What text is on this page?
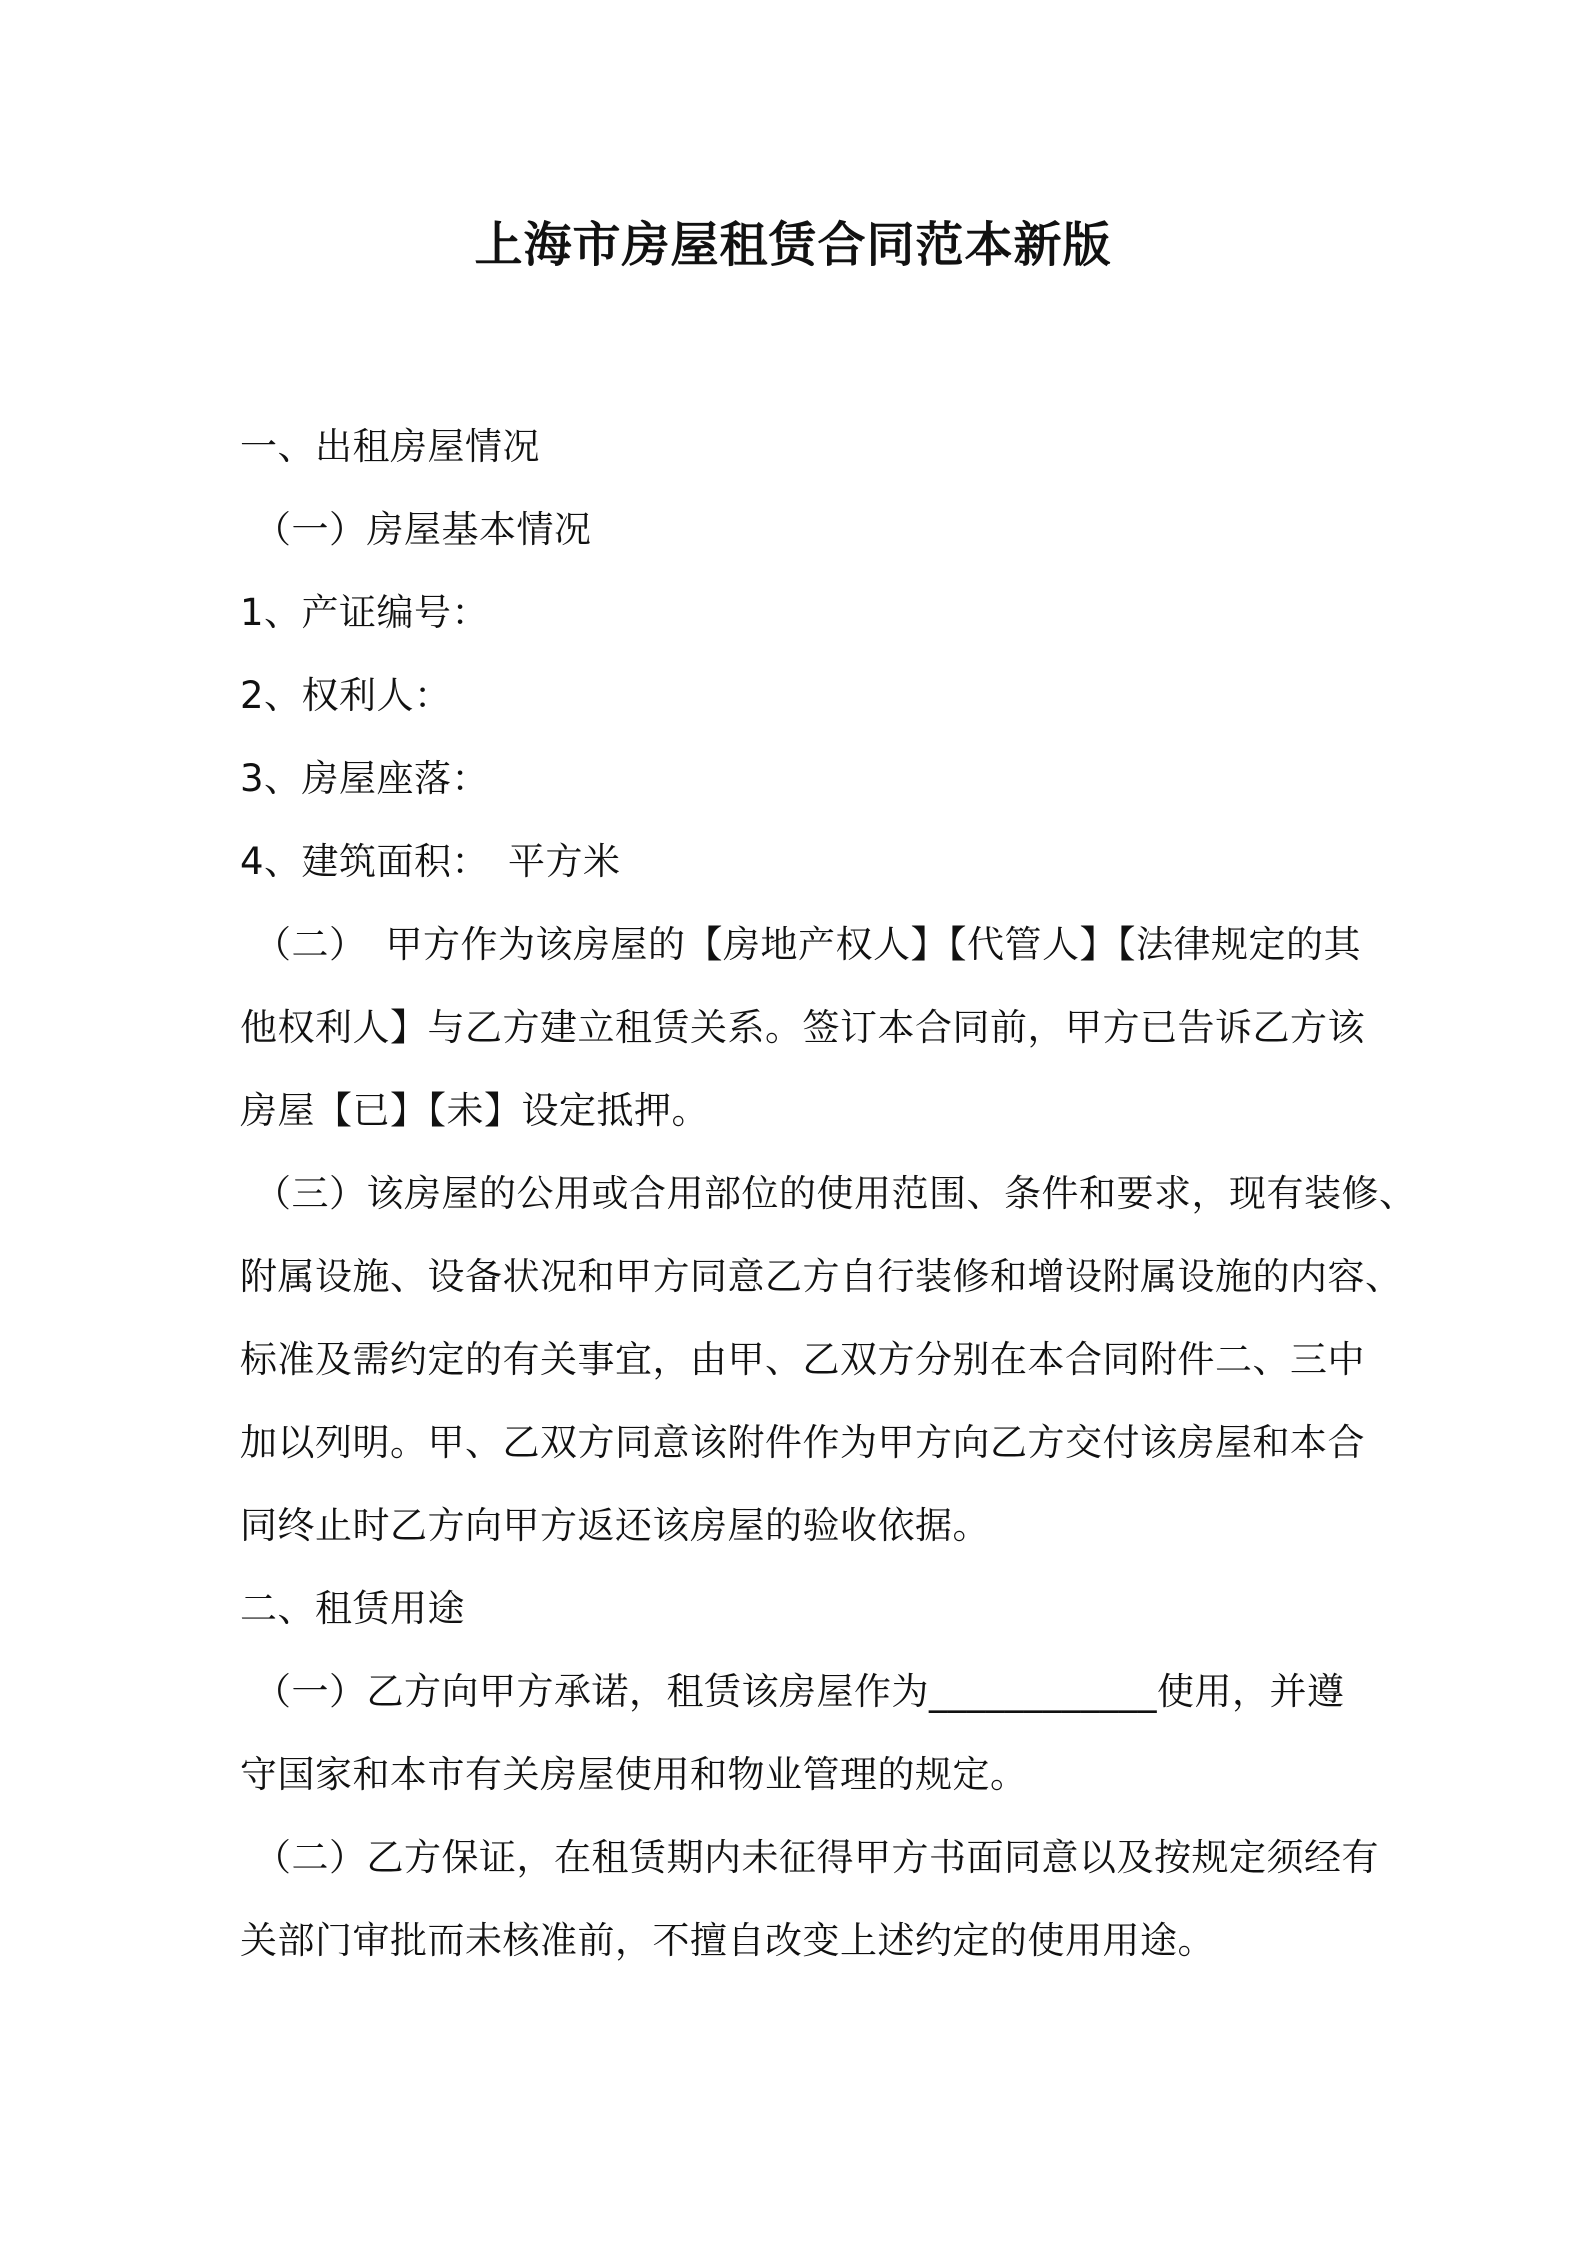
上海市房屋租赁合同范本新版
一、出租房屋情况
（一）房屋基本情况
1、产证编号：
2、权利人：
3、房屋座落：
4、建筑面积：　平方米
（二）　甲方作为该房屋的【房地产权人】【代管人】【法律规定的其
他权利人】与乙方建立租赁关系。签订本合同前，甲方已告诉乙方该
房屋【已】【未】设定抵押。
（三）该房屋的公用或合用部位的使用范围、条件和要求，现有装修、
附属设施、设备状况和甲方同意乙方自行装修和增设附属设施的内容、
标准及需约定的有关事宜，由甲、乙双方分别在本合同附件二、三中
加以列明。甲、乙双方同意该附件作为甲方向乙方交付该房屋和本合
同终止时乙方向甲方返还该房屋的验收依据。
二、租赁用途
（一）乙方向甲方承诺，租赁该房屋作为____________使用，并遵
守国家和本市有关房屋使用和物业管理的规定。
（二）乙方保证，在租赁期内未征得甲方书面同意以及按规定须经有
关部门审批而未核准前，不擅自改变上述约定的使用用途。
